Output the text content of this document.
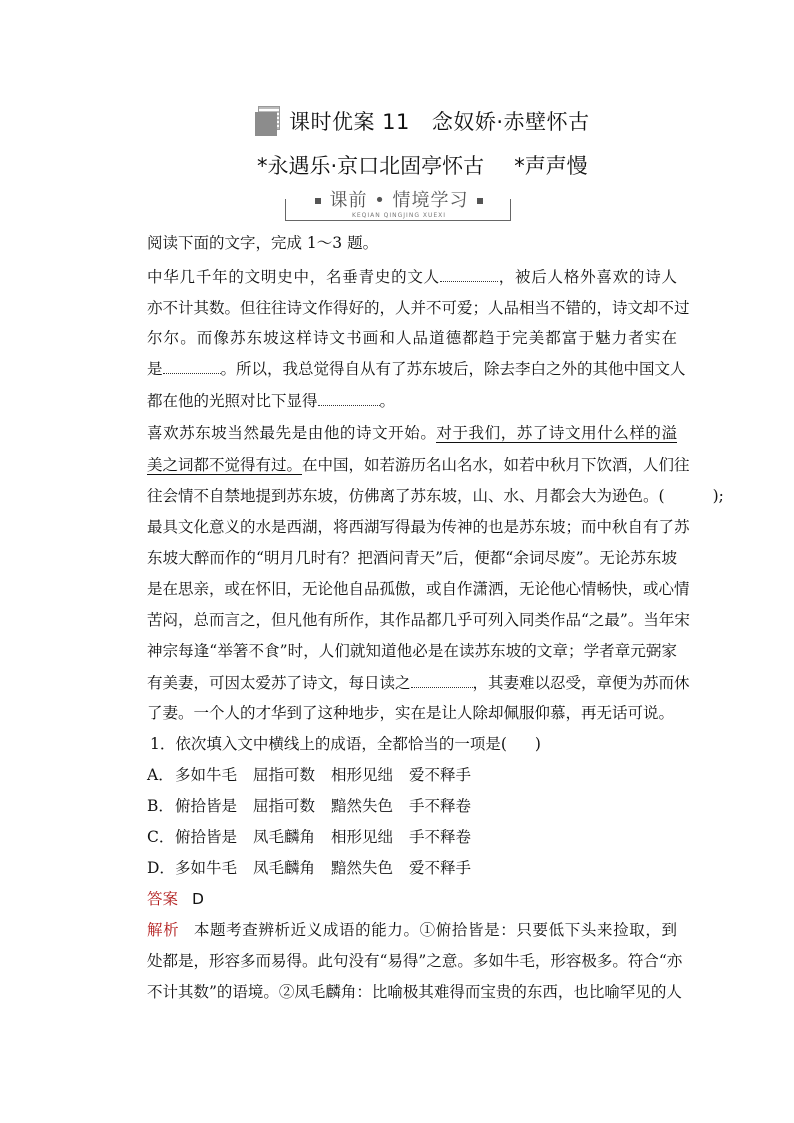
课时优案 11 念奴娇·赤壁怀古
*永遇乐·京口北固亭怀古 *声声慢
课前 • 情境学习
KEQIAN QINGJING XUEXI
阅读下面的文字，完成 1～3 题。
中华几千年的文明史中，名垂青史的文人	，被后人格外喜欢的诗人
亦不计其数。但往往诗文作得好的，人并不可爱；人品相当不错的，诗文却不过
尔尔。而像苏东坡这样诗文书画和人品道德都趋于完美都富于魅力者实在
是	。所以，我总觉得自从有了苏东坡后，除去李白之外的其他中国文人
都在他的光照对比下显得	。
喜欢苏东坡当然最先是由他的诗文开始。对于我们，苏了诗文用什么样的溢
美之词都不觉得有过。在中国，如若游历名山名水，如若中秋月下饮酒，人们往
往会情不自禁地提到苏东坡，仿佛离了苏东坡，山、水、月都会大为逊色。(	);
最具文化意义的水是西湖，将西湖写得最为传神的也是苏东坡；而中秋自有了苏
东坡大醉而作的“明月几时有？把酒问青天”后，便都“余词尽废”。无论苏东坡
是在思亲，或在怀旧，无论他自品孤傲，或自作潇洒，无论他心情畅快，或心情
苦闷，总而言之，但凡他有所作，其作品都几乎可列入同类作品“之最”。当年宋
神宗每逢“举箸不食”时，人们就知道他必是在读苏东坡的文章；学者章元弼家
有美妻，可因太爱苏了诗文，每日读之	，其妻难以忍受，章便为苏而休
了妻。一个人的才华到了这种地步，实在是让人除却佩服仰慕，再无话可说。
1．依次填入文中横线上的成语，全都恰当的一项是( )
A．多如牛毛 屈指可数 相形见绌 爱不释手
B．俯拾皆是 屈指可数 黯然失色 手不释卷
C．俯拾皆是 凤毛麟角 相形见绌 手不释卷
D．多如牛毛 凤毛麟角 黯然失色 爱不释手
答案 D
解析 本题考查辨析近义成语的能力。①俯拾皆是：只要低下头来捡取，到
处都是，形容多而易得。此句没有“易得”之意。多如牛毛，形容极多。符合“亦
不计其数”的语境。②凤毛麟角：比喻极其难得而宝贵的东西，也比喻罕见的人
